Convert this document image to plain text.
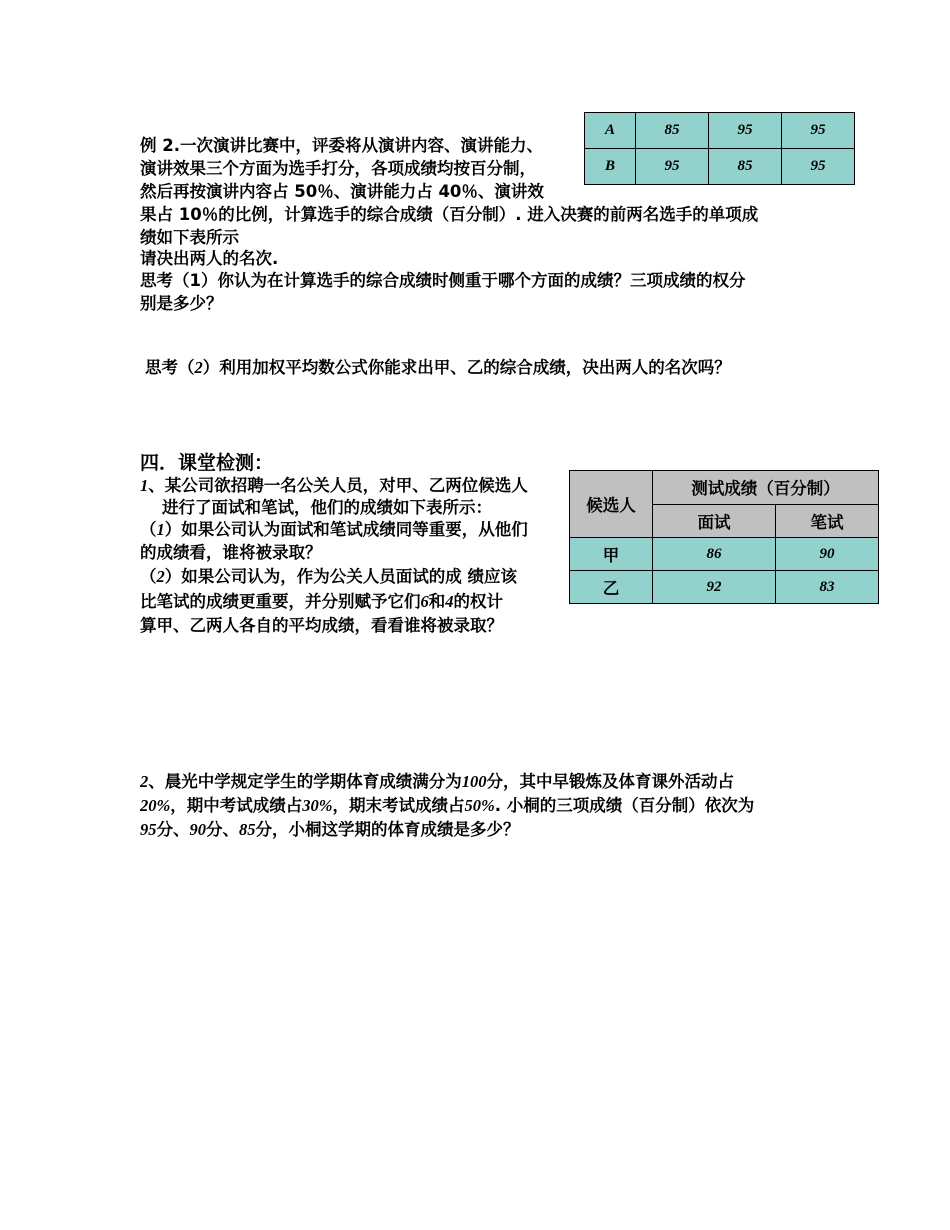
例 2.一次演讲比赛中，评委将从演讲内容、演讲能力、
演讲效果三个方面为选手打分，各项成绩均按百分制，
然后再按演讲内容占 50％、演讲能力占 40％、演讲效
果占 10％的比例，计算选手的综合成绩（百分制）. 进入决赛的前两名选手的单项成
绩如下表所示
请决出两人的名次.
思考（1）你认为在计算选手的综合成绩时侧重于哪个方面的成绩？三项成绩的权分
别是多少？
思考（2）利用加权平均数公式你能求出甲、乙的综合成绩，决出两人的名次吗？
A	85	95	95
B	95	85	95
四．课堂检测：
1、某公司欲招聘一名公关人员，对甲、乙两位候选人
进行了面试和笔试，他们的成绩如下表所示：
（1）如果公司认为面试和笔试成绩同等重要，从他们
的成绩看，谁将被录取？
（2）如果公司认为，作为公关人员面试的成 绩应该
比笔试的成绩更重要，并分别赋予它们6和4的权计
算甲、乙两人各自的平均成绩，看看谁将被录取？
候选人	测试成绩（百分制）	
	面试	笔试
甲	86	90
乙	92	83
2、晨光中学规定学生的学期体育成绩满分为100分，其中早锻炼及体育课外活动占
20%，期中考试成绩占30%，期末考试成绩占50%. 小桐的三项成绩（百分制）依次为
95分、90分、85分，小桐这学期的体育成绩是多少？
